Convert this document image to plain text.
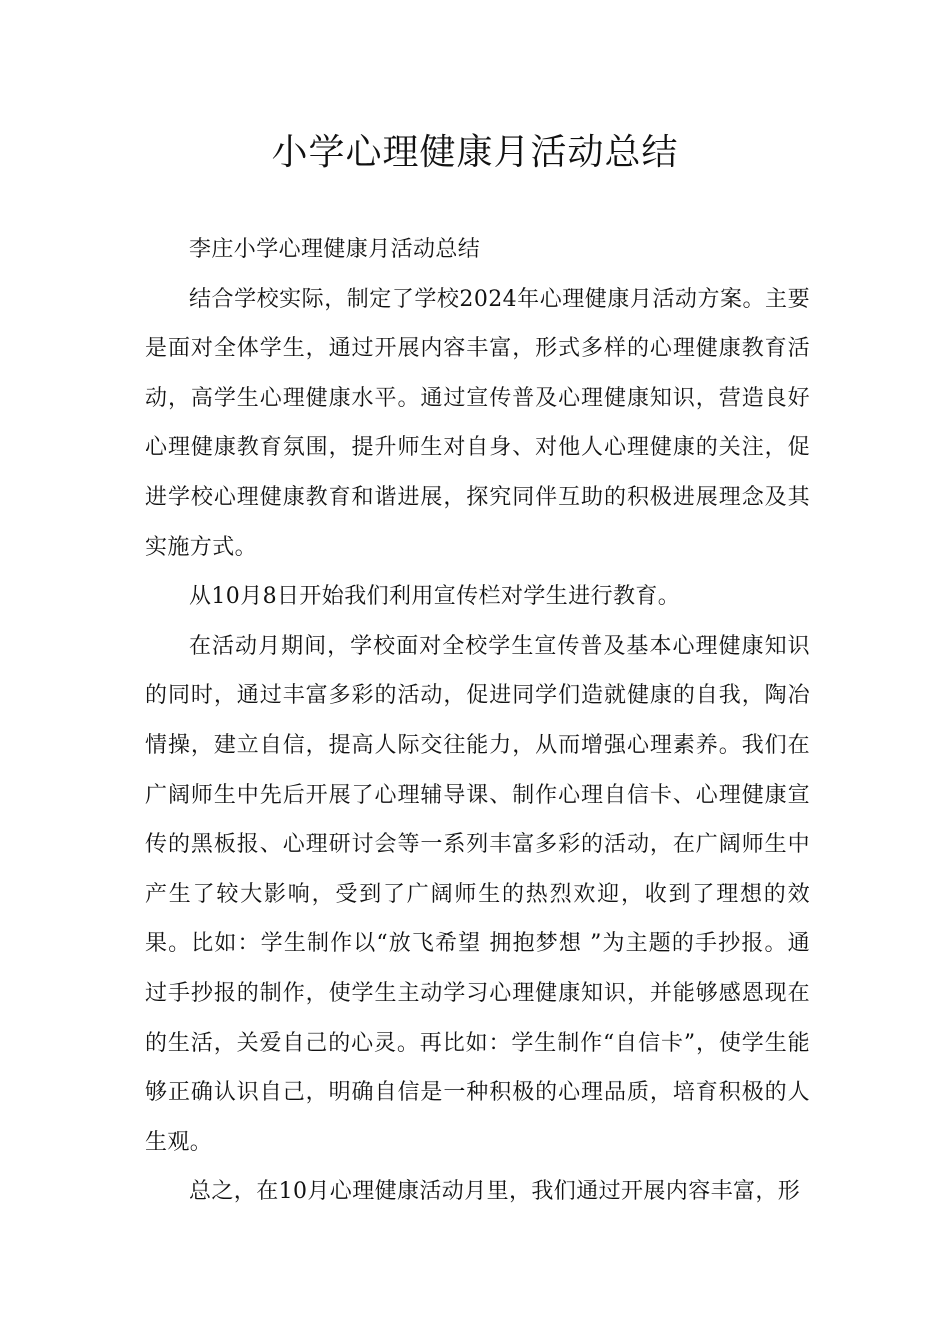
小学心理健康月活动总结

李庄小学心理健康月活动总结

结合学校实际，制定了学校2024年心理健康月活动方案。主要是面对全体学生，通过开展内容丰富，形式多样的心理健康教育活动，高学生心理健康水平。通过宣传普及心理健康知识，营造良好心理健康教育氛围，提升师生对自身、对他人心理健康的关注，促进学校心理健康教育和谐进展，探究同伴互助的积极进展理念及其实施方式。

从10月8日开始我们利用宣传栏对学生进行教育。

在活动月期间，学校面对全校学生宣传普及基本心理健康知识的同时，通过丰富多彩的活动，促进同学们造就健康的自我，陶冶情操，建立自信，提高人际交往能力，从而增强心理素养。我们在广阔师生中先后开展了心理辅导课、制作心理自信卡、心理健康宣传的黑板报、心理研讨会等一系列丰富多彩的活动，在广阔师生中产生了较大影响，受到了广阔师生的热烈欢迎，收到了理想的效果。比如：学生制作以“放飞希望 拥抱梦想 ”为主题的手抄报。通过手抄报的制作，使学生主动学习心理健康知识，并能够感恩现在的生活，关爱自己的心灵。再比如：学生制作“自信卡”，使学生能够正确认识自己，明确自信是一种积极的心理品质，培育积极的人生观。

总之，在10月心理健康活动月里，我们通过开展内容丰富，形
